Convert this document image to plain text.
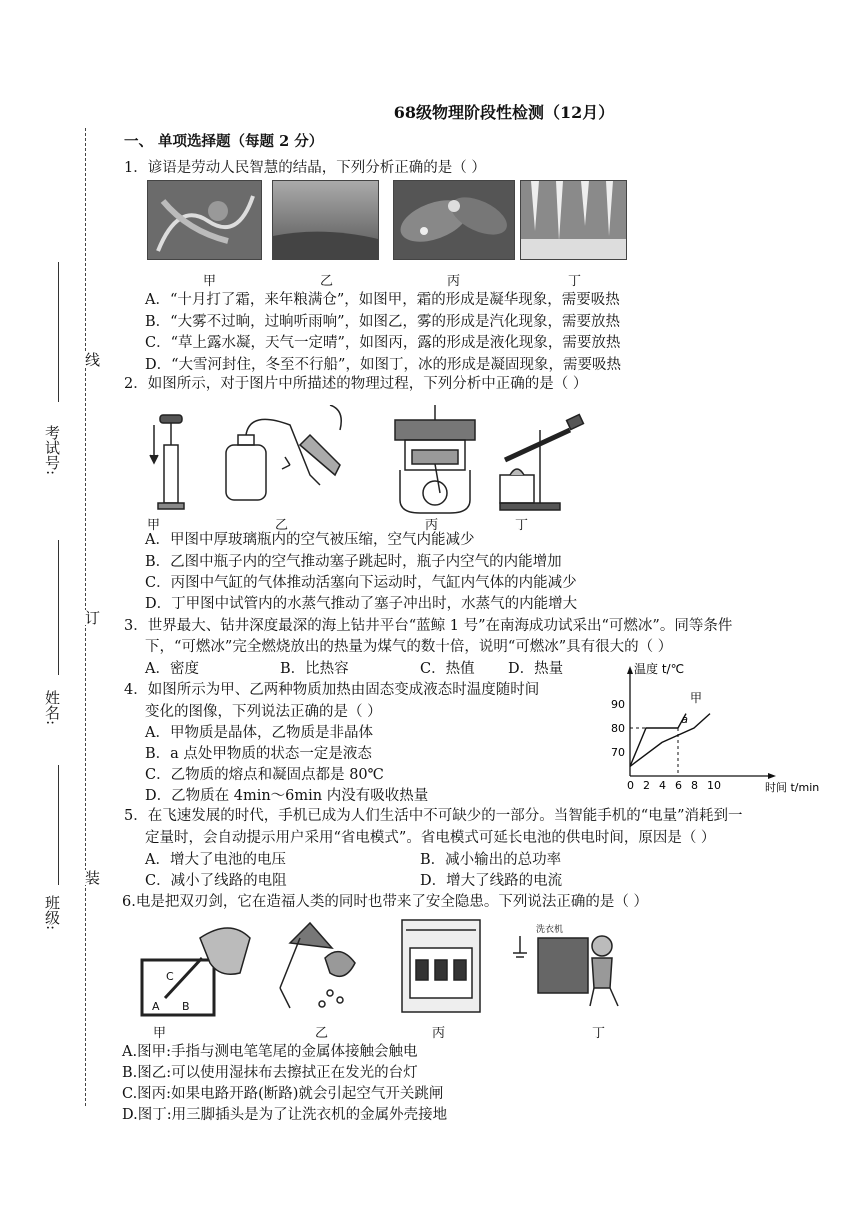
68级物理阶段性检测（12月）
线
订
装
考试号:
姓名:
班级:
一、 单项选择题（每题 2 分）
1．谚语是劳动人民智慧的结晶，下列分析正确的是（ ）
甲	乙	丙	丁
A．“十月打了霜，来年粮满仓”，如图甲，霜的形成是凝华现象，需要吸热
B．“大雾不过晌，过晌听雨响”，如图乙，雾的形成是汽化现象，需要放热
C．“草上露水凝，天气一定晴”，如图丙，露的形成是液化现象，需要放热
D．“大雪河封住，冬至不行船”，如图丁，冰的形成是凝固现象，需要吸热
2．如图所示，对于图片中所描述的物理过程，下列分析中正确的是（ ）
甲	乙	丙	丁
A．甲图中厚玻璃瓶内的空气被压缩，空气内能减少
B．乙图中瓶子内的空气推动塞子跳起时，瓶子内空气的内能增加
C．丙图中气缸的气体推动活塞向下运动时，气缸内气体的内能减少
D．丁甲图中试管内的水蒸气推动了塞子冲出时，水蒸气的内能增大
3．世界最大、钻井深度最深的海上钻井平台“蓝鲸 1 号”在南海成功试采出“可燃冰”。同等条件
下，“可燃冰”完全燃烧放出的热量为煤气的数十倍，说明“可燃冰”具有很大的（ ）
A．密度	B．比热容	C．热值 D．热量
4．如图所示为甲、乙两种物质加热由固态变成液态时温度随时间
变化的图像，下列说法正确的是（ ）
A．甲物质是晶体，乙物质是非晶体
B．a 点处甲物质的状态一定是液态
C．乙物质的熔点和凝固点都是 80℃
D．乙物质在 4min～6min 内没有吸收热量
温度 t/℃
时间 t/min
甲
0 2 4 6 8 10
90
80
70
a
5．在飞速发展的时代，手机已成为人们生活中不可缺少的一部分。当智能手机的“电量”消耗到一
定量时，会自动提示用户采用“省电模式”。省电模式可延长电池的供电时间，原因是（ ）
A．增大了电池的电压	B．减小输出的总功率
C．减小了线路的电阻	D．增大了线路的电流
6.电是把双刃剑，它在造福人类的同时也带来了安全隐患。下列说法正确的是（ ）
C
A B
洗衣机
甲	乙	丙	丁
A.图甲:手指与测电笔笔尾的金属体接触会触电
B.图乙:可以使用湿抹布去擦拭正在发光的台灯
C.图丙:如果电路开路(断路)就会引起空气开关跳闸
D.图丁:用三脚插头是为了让洗衣机的金属外壳接地
